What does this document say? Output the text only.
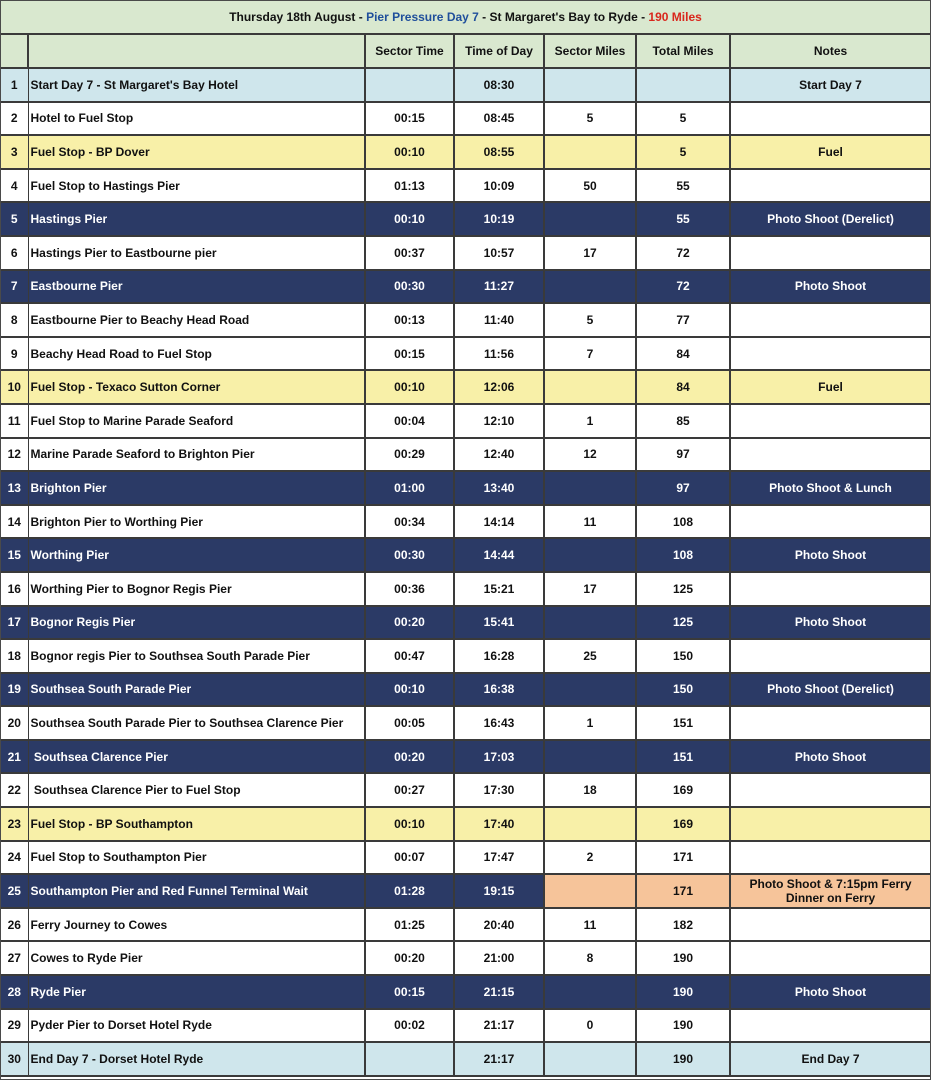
Thursday 18th August - Pier Pressure Day 7 - St Margaret's Bay to Ryde - 190 Miles
		Sector Time	Time of Day	Sector Miles	Total Miles	Notes
1	Start Day 7 - St Margaret's Bay Hotel		08:30			Start Day 7
2	Hotel to Fuel Stop	00:15	08:45	5	5	
3	Fuel Stop - BP Dover	00:10	08:55		5	Fuel
4	Fuel Stop to Hastings Pier	01:13	10:09	50	55	
5	Hastings Pier	00:10	10:19		55	Photo Shoot (Derelict)
6	Hastings Pier to Eastbourne pier	00:37	10:57	17	72	
7	Eastbourne Pier	00:30	11:27		72	Photo Shoot
8	Eastbourne Pier to Beachy Head Road	00:13	11:40	5	77	
9	Beachy Head Road to Fuel Stop	00:15	11:56	7	84	
10	Fuel Stop - Texaco Sutton Corner	00:10	12:06		84	Fuel
11	Fuel Stop to Marine Parade Seaford	00:04	12:10	1	85	
12	Marine Parade Seaford to Brighton Pier	00:29	12:40	12	97	
13	Brighton Pier	01:00	13:40		97	Photo Shoot & Lunch
14	Brighton Pier to Worthing Pier	00:34	14:14	11	108	
15	Worthing Pier	00:30	14:44		108	Photo Shoot
16	Worthing Pier to Bognor Regis Pier	00:36	15:21	17	125	
17	Bognor Regis Pier	00:20	15:41		125	Photo Shoot
18	Bognor regis Pier to Southsea South Parade Pier	00:47	16:28	25	150	
19	Southsea South Parade Pier	00:10	16:38		150	Photo Shoot (Derelict)
20	Southsea South Parade Pier to Southsea Clarence Pier	00:05	16:43	1	151	
21	Southsea Clarence Pier	00:20	17:03		151	Photo Shoot
22	Southsea Clarence Pier to Fuel Stop	00:27	17:30	18	169	
23	Fuel Stop - BP Southampton	00:10	17:40		169	
24	Fuel Stop to Southampton Pier	00:07	17:47	2	171	
25	Southampton Pier and Red Funnel Terminal Wait	01:28	19:15		171	Photo Shoot & 7:15pm Ferry Dinner on Ferry
26	Ferry Journey to Cowes	01:25	20:40	11	182	
27	Cowes to Ryde Pier	00:20	21:00	8	190	
28	Ryde Pier	00:15	21:15		190	Photo Shoot
29	Pyder Pier to Dorset Hotel Ryde	00:02	21:17	0	190	
30	End Day 7 - Dorset Hotel Ryde		21:17		190	End Day 7
